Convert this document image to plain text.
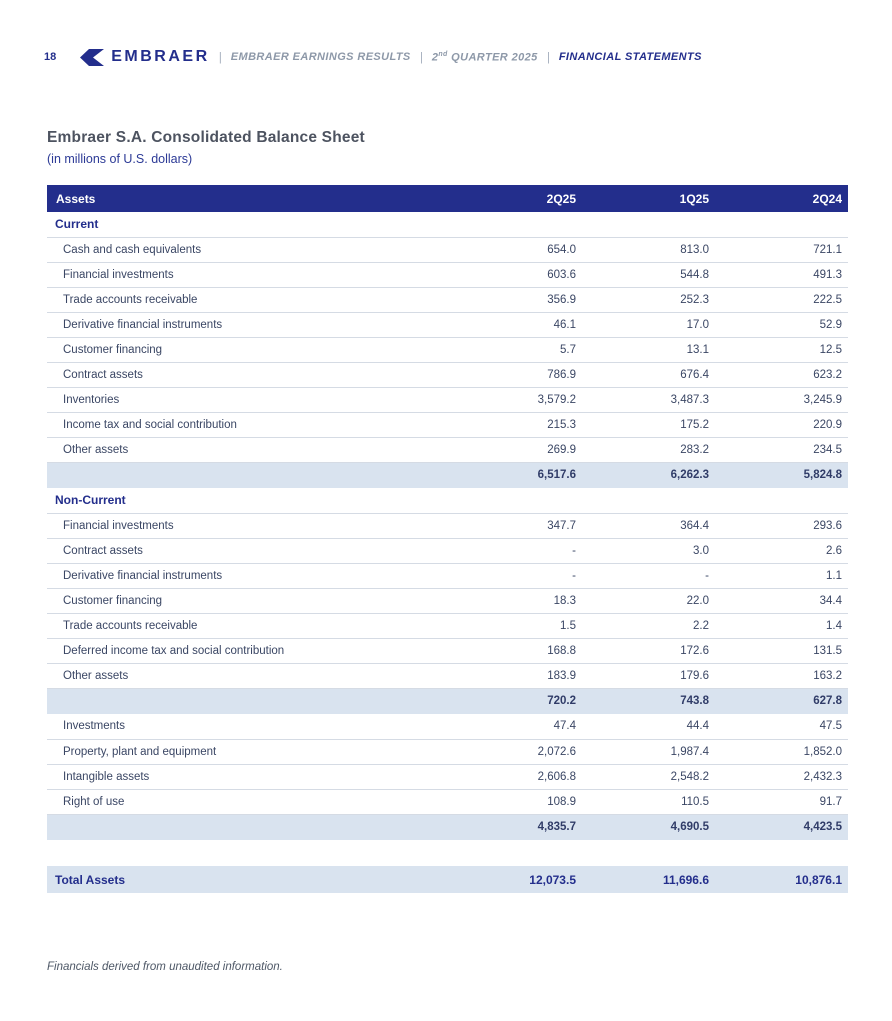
18	EMBRAER | EMBRAER EARNINGS RESULTS | 2nd QUARTER 2025 | FINANCIAL STATEMENTS
Embraer S.A. Consolidated Balance Sheet
(in millions of U.S. dollars)
Assets	2Q25	1Q25	2Q24
Current			
Cash and cash equivalents	654.0	813.0	721.1
Financial investments	603.6	544.8	491.3
Trade accounts receivable	356.9	252.3	222.5
Derivative financial instruments	46.1	17.0	52.9
Customer financing	5.7	13.1	12.5
Contract assets	786.9	676.4	623.2
Inventories	3,579.2	3,487.3	3,245.9
Income tax and social contribution	215.3	175.2	220.9
Other assets	269.9	283.2	234.5
	6,517.6	6,262.3	5,824.8
Non-Current			
Financial investments	347.7	364.4	293.6
Contract assets	-	3.0	2.6
Derivative financial instruments	-	-	1.1
Customer financing	18.3	22.0	34.4
Trade accounts receivable	1.5	2.2	1.4
Deferred income tax and social contribution	168.8	172.6	131.5
Other assets	183.9	179.6	163.2
	720.2	743.8	627.8
Investments	47.4	44.4	47.5
Property, plant and equipment	2,072.6	1,987.4	1,852.0
Intangible assets	2,606.8	2,548.2	2,432.3
Right of use	108.9	110.5	91.7
	4,835.7	4,690.5	4,423.5

Total Assets	12,073.5	11,696.6	10,876.1
Financials derived from unaudited information.
